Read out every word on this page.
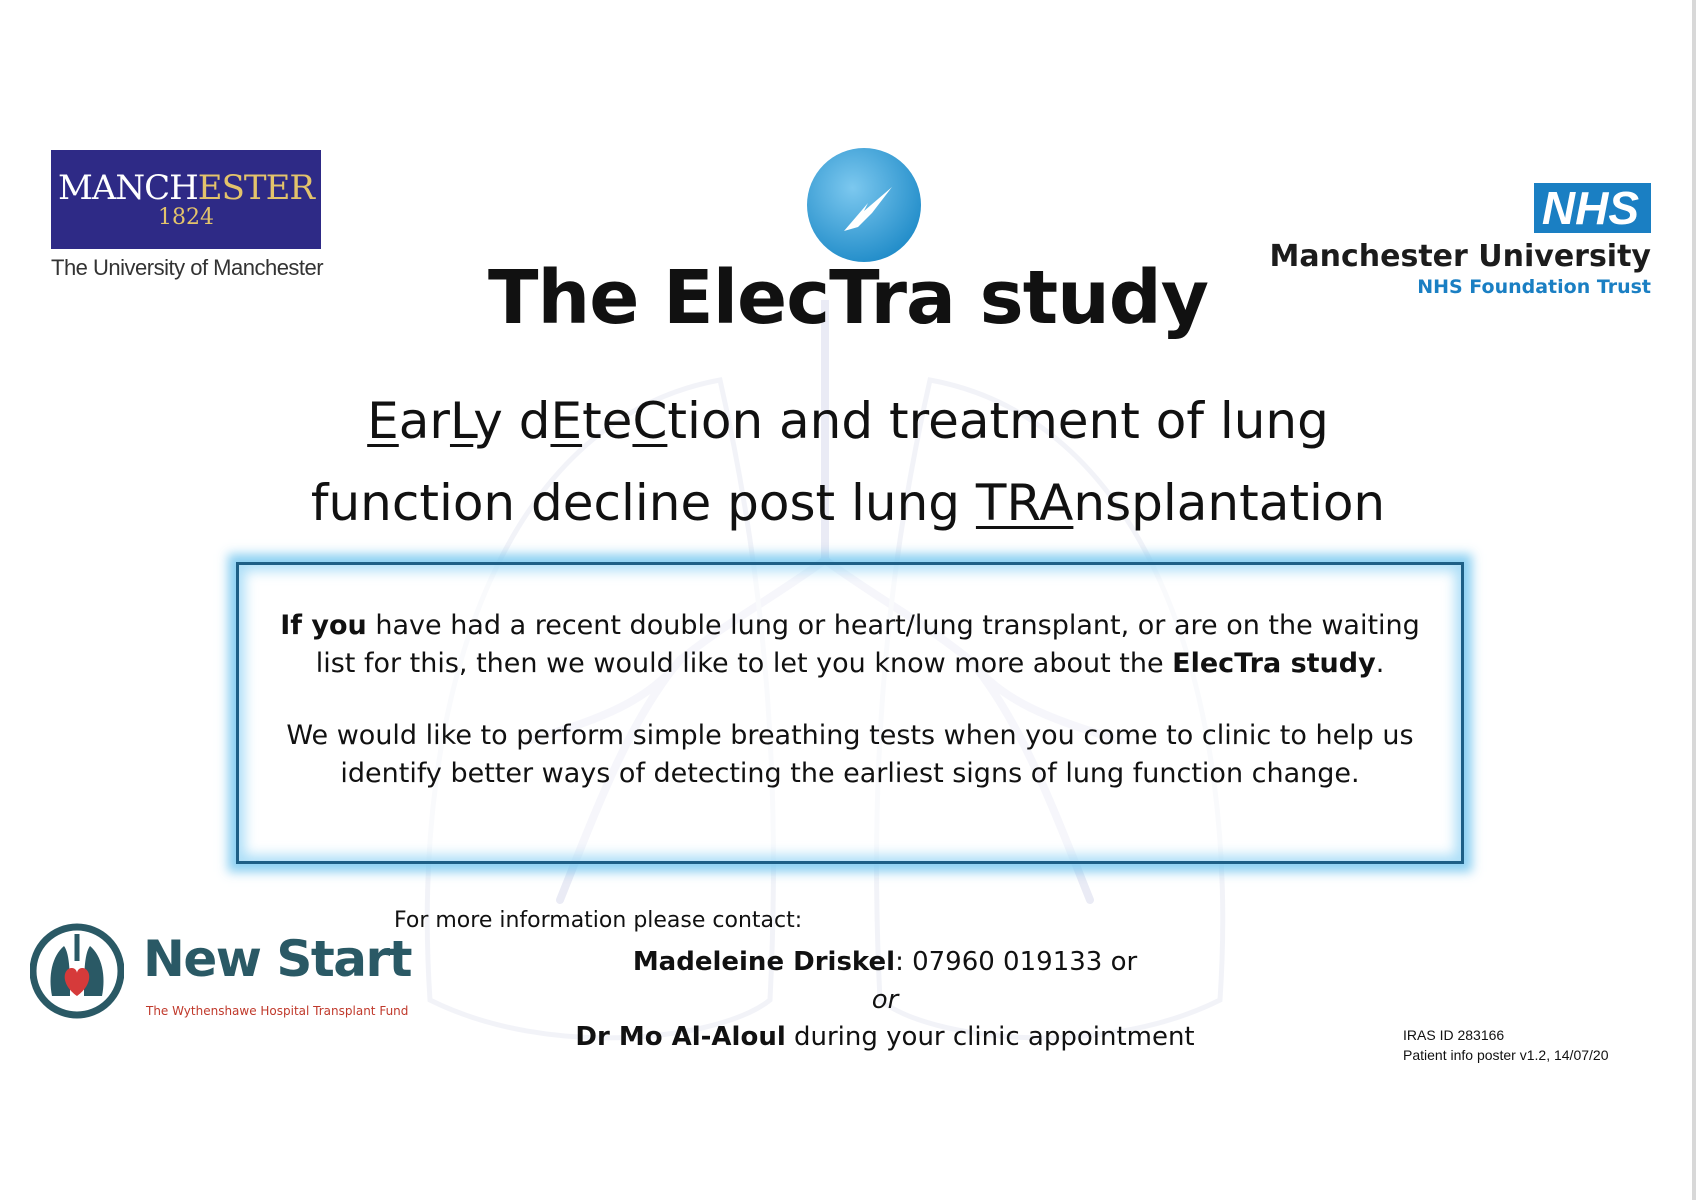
MANCHESTER
1824
The University of Manchester
NHS
Manchester University
NHS Foundation Trust
The ElecTra study
EarLy dEteCtion and treatment of lung
function decline post lung TRAnsplantation

If you have had a recent double lung or heart/lung transplant, or are on the waiting list for this, then we would like to let you know more about the ElecTra study.

We would like to perform simple breathing tests when you come to clinic to help us identify better ways of detecting the earliest signs of lung function change.

New Start
The Wythenshawe Hospital Transplant Fund
For more information please contact:
Madeleine Driskel: 07960 019133 or
or
Dr Mo Al-Aloul during your clinic appointment	IRAS ID 283166
Patient info poster v1.2, 14/07/20
